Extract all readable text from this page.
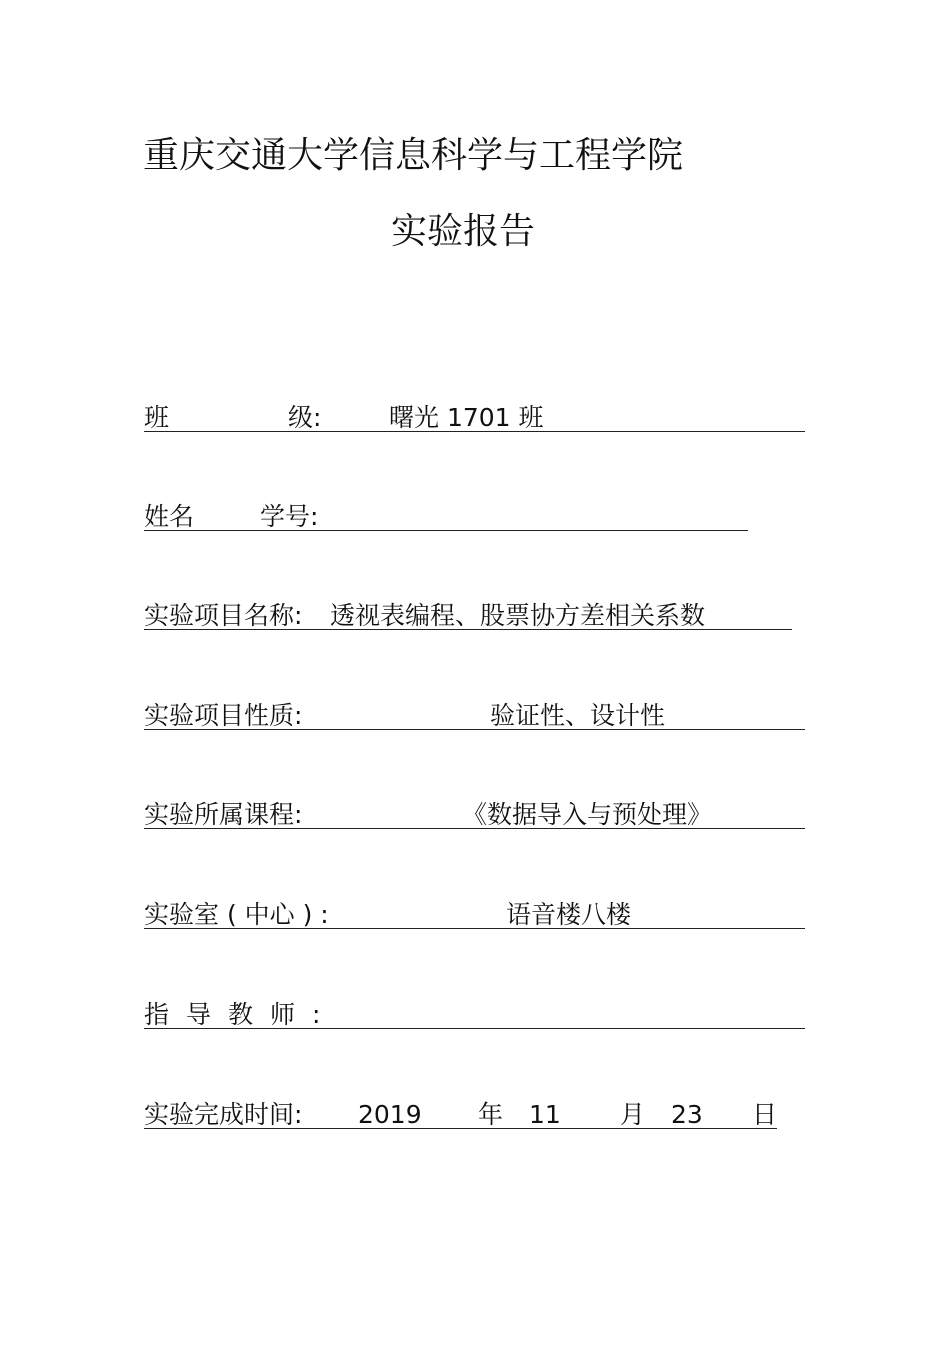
重庆交通大学信息科学与工程学院
实验报告
班	级:	曙光 1701 班
姓名	学号:
实验项目名称: 透视表编程、股票协方差相关系数
实验项目性质:	验证性、设计性
实验所属课程:	《数据导入与预处理》
实验室 ( 中心 ) :	语音楼八楼
指导教师:
实验完成时间: 2019 年 11 月 23 日
